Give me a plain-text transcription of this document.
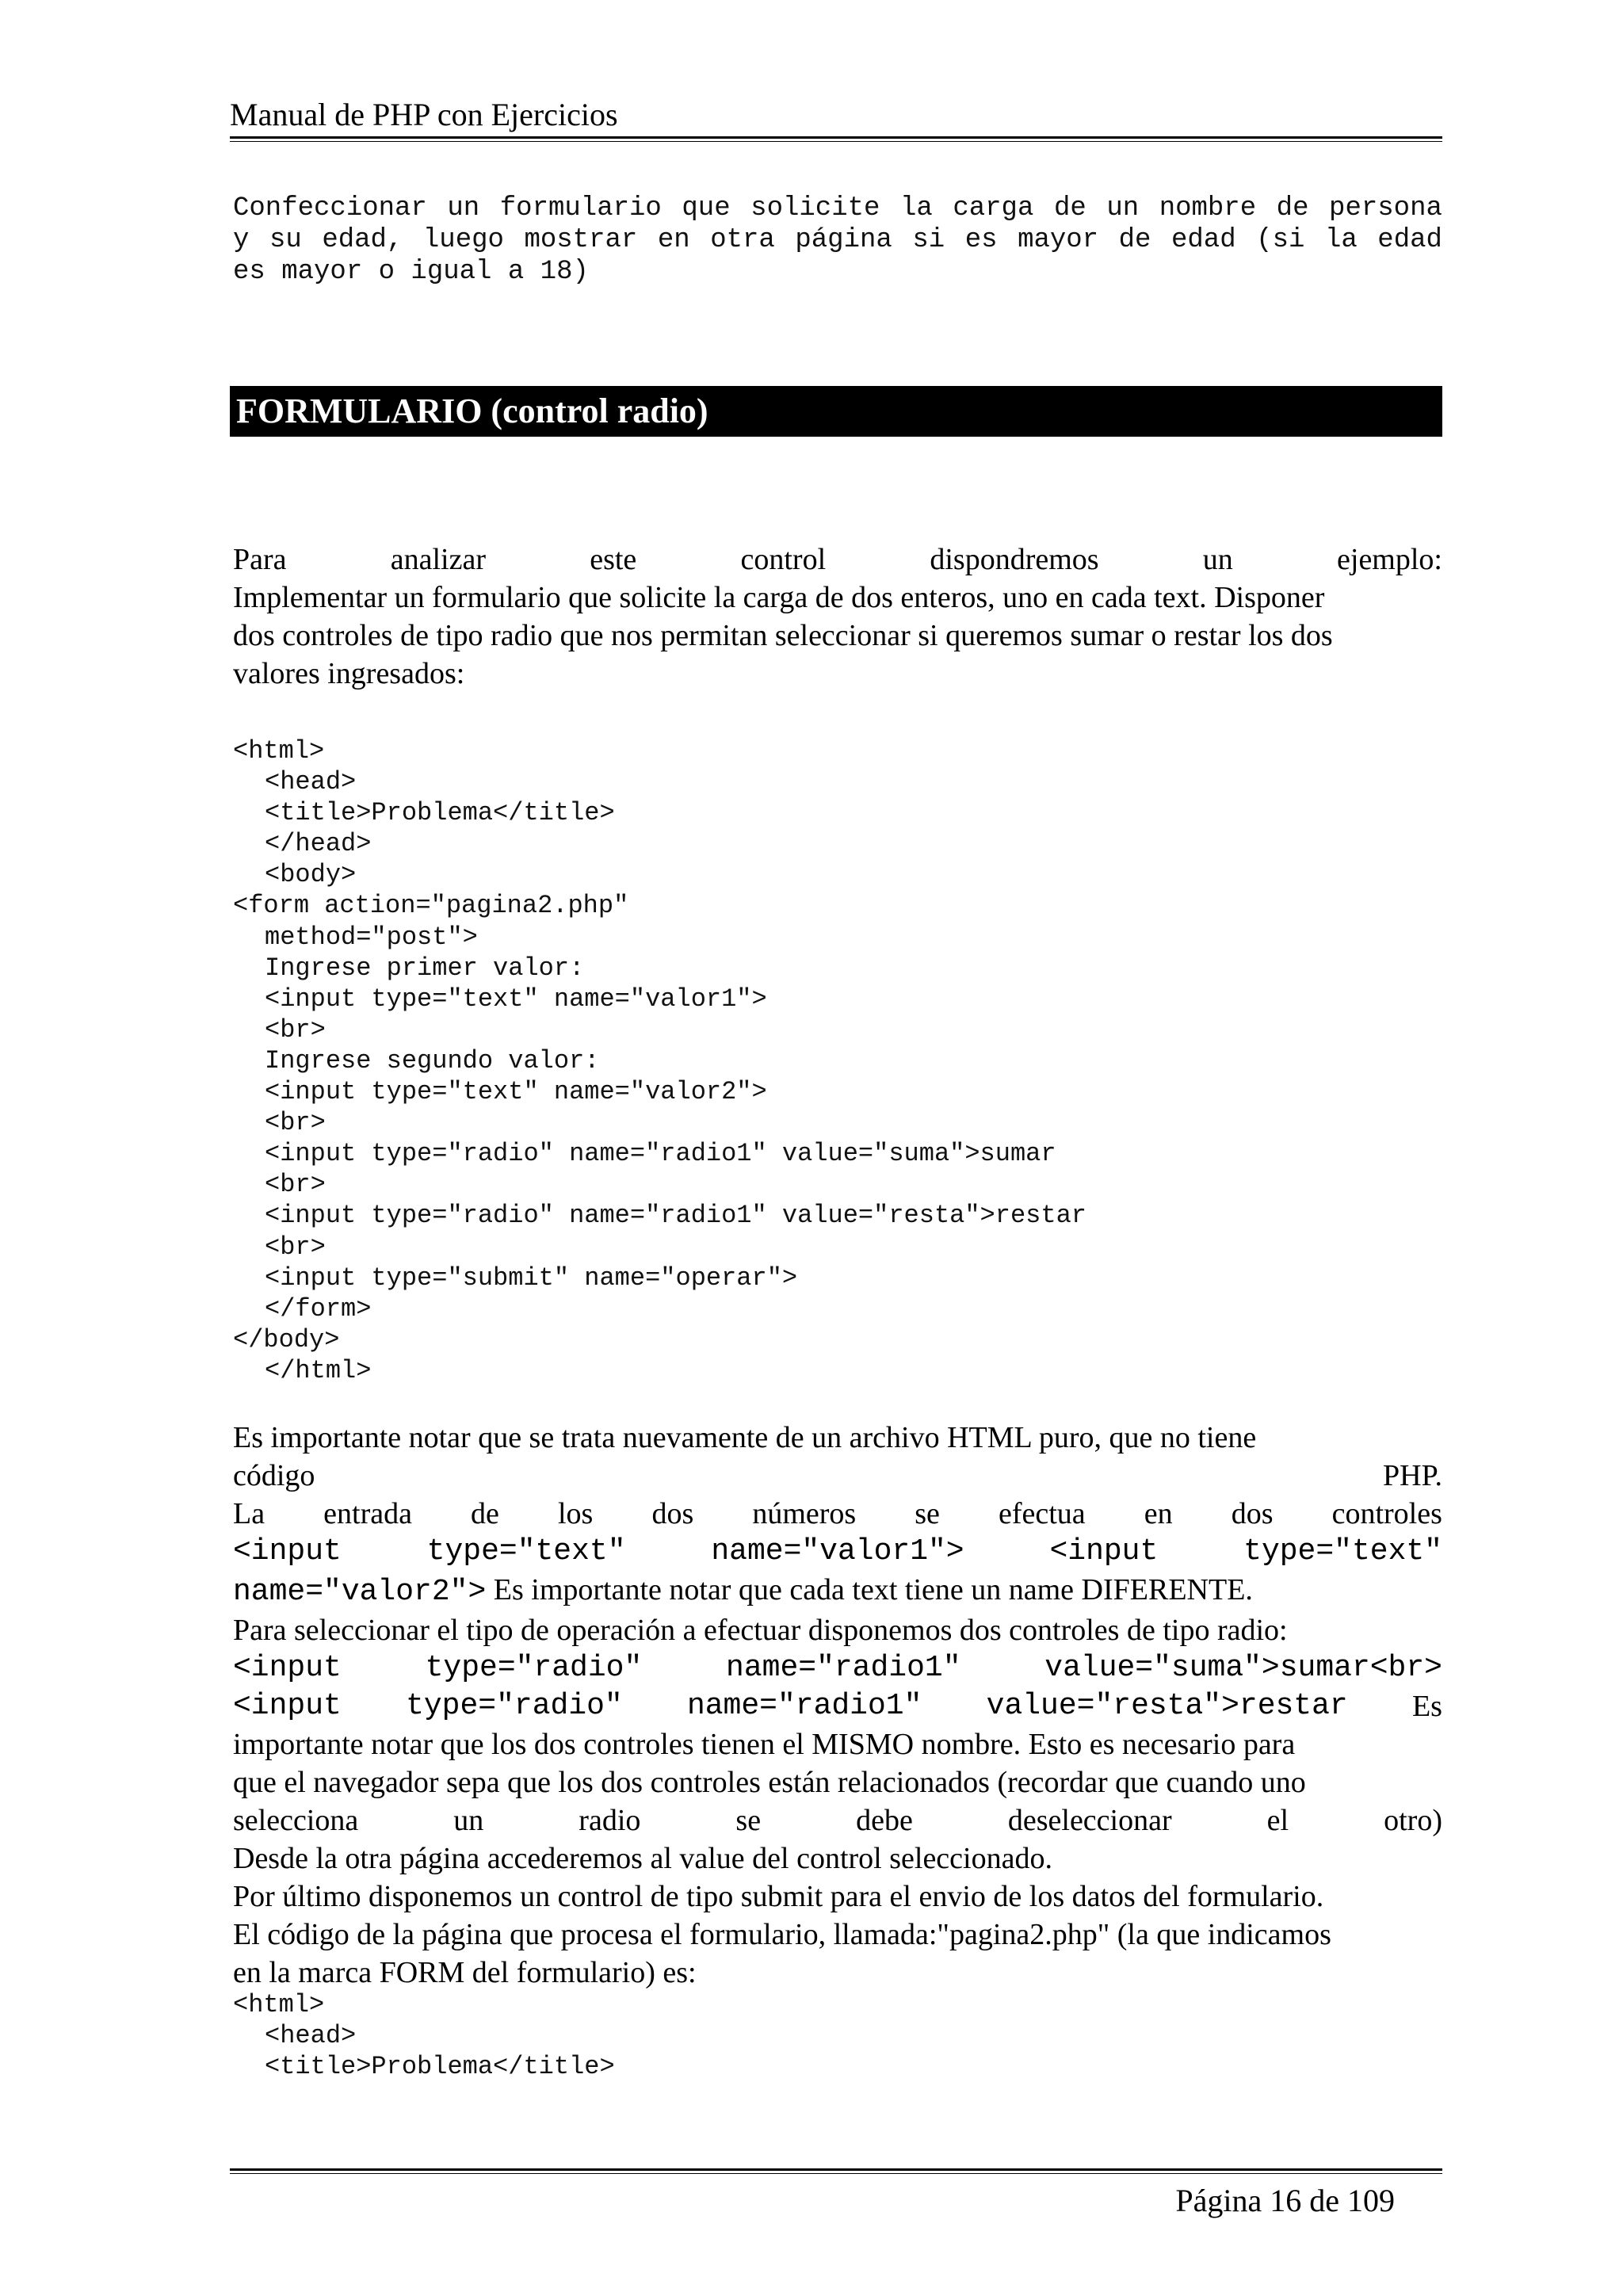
Manual de PHP con Ejercicios
Confeccionar un formulario que solicite la carga de un nombre de persona
y su edad, luego mostrar en otra página si es mayor de edad (si la edad
es mayor o igual a 18)
FORMULARIO (control radio)
Para	analizar	este	control	dispondremos	un	ejemplo:
Implementar un formulario que solicite la carga de dos enteros, uno en cada text. Disponer
dos controles de tipo radio que nos permitan seleccionar si queremos sumar o restar los dos
valores ingresados:
<html>
<head>
<title>Problema</title>
</head>
<body>
<form action="pagina2.php"
method="post">
Ingrese primer valor:
<input type="text" name="valor1">
<br>
Ingrese segundo valor:
<input type="text" name="valor2">
<br>
<input type="radio" name="radio1" value="suma">sumar
<br>
<input type="radio" name="radio1" value="resta">restar
<br>
<input type="submit" name="operar">
</form>
</body>
</html>
Es importante notar que se trata nuevamente de un archivo HTML puro, que no tiene
código	PHP.
La entrada de los dos números se efectua en dos controles
<input	type="text"	name="valor1">	<input	type="text"
name="valor2"> Es importante notar que cada text tiene un name DIFERENTE.
Para seleccionar el tipo de operación a efectuar disponemos dos controles de tipo radio:
<input	type="radio"	name="radio1"	value="suma">sumar<br>
<input type="radio" name="radio1" value="resta">restar Es
importante notar que los dos controles tienen el MISMO nombre. Esto es necesario para
que el navegador sepa que los dos controles están relacionados (recordar que cuando uno
selecciona	un	radio	se	debe	deseleccionar	el	otro)
Desde la otra página accederemos al value del control seleccionado.
Por último disponemos un control de tipo submit para el envio de los datos del formulario.
El código de la página que procesa el formulario, llamada:"pagina2.php" (la que indicamos
en la marca FORM del formulario) es:
<html>
<head>
<title>Problema</title>
Página 16 de 109
